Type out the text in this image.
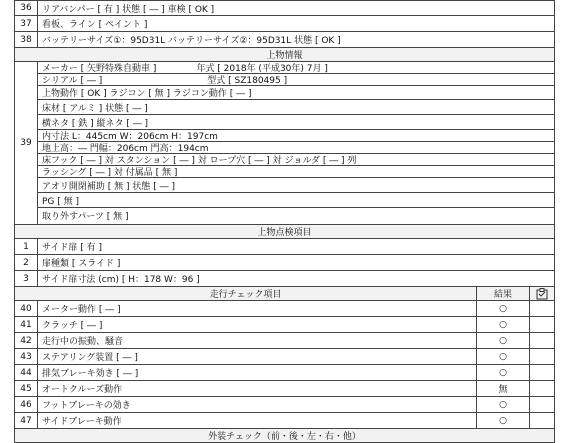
36	リアバンパー [ 有 ] 状態 [ ― ] 車検 [ OK ]
37	看板、ライン [ ペイント ]
38	バッテリーサイズ①：95D31L バッテリーサイズ②：95D31L 状態 [ OK ]
上物情報
39
メーカー [ 矢野特殊自動車 ]	年式 [ 2018年 (平成30年) 7月 ]
シリアル [ ― ]	型式 [ SZ180495 ]
上物動作 [ OK ] ラジコン [ 無 ] ラジコン動作 [ ― ]
床材 [ アルミ ] 状態 [ ― ]
横ネタ [ 鉄 ] 縦ネタ [ ― ]
内寸法 L：445cm W：206cm H：197cm
地上高：― 門幅：206cm 門高：194cm
床フック [ ― ] 対 スタンション [ ― ] 対 ロープ穴 [ ― ] 対 ジョルダ [ ― ] 列
ラッシング [ ― ] 対 付属品 [ 無 ]
アオリ開閉補助 [ 無 ] 状態 [ ― ]
PG [ 無 ]
取り外すパーツ [ 無 ]
上物点検項目
1	サイド扉 [ 有 ]
2	扉種類 [ スライド ]
3	サイド扉寸法 (cm) [ H：178 W：96 ]
走行チェック項目	結果
40	メーター動作 [ ― ]	○
41	クラッチ [ ― ]	○
42	走行中の振動、騒音	○
43	ステアリング装置 [ ― ]	○
44	排気ブレーキ効き [ ― ]	○
45	オートクルーズ動作	無
46	フットブレーキの効き	○
47	サイドブレーキ動作	○
外装チェック（前・後・左・右・他）
